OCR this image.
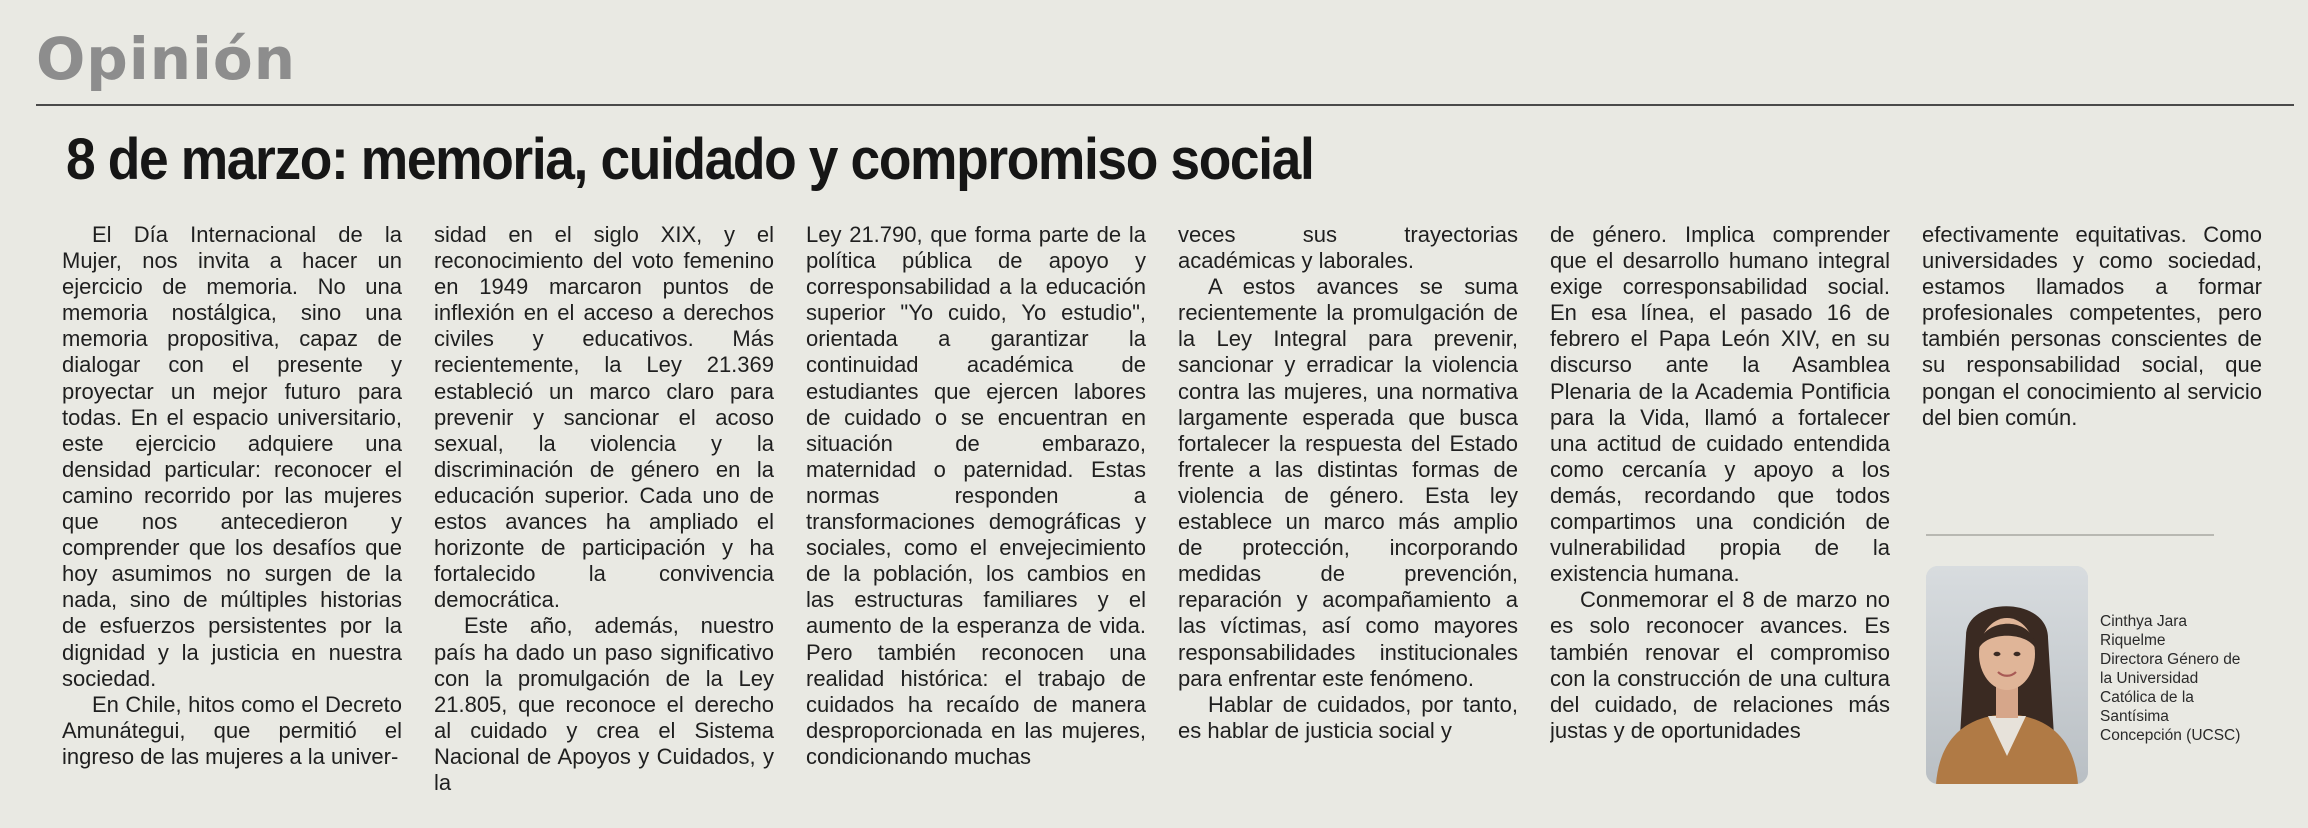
Opinión
8 de marzo: memoria, cuidado y compromiso social

El Día Internacional de la Mujer, nos invita a hacer un ejercicio de memoria. No una memoria nostálgica, sino una memoria propositiva, capaz de dialogar con el presente y proyectar un mejor futuro para todas. En el espacio universitario, este ejercicio adquiere una densidad particular: reconocer el camino recorrido por las mujeres que nos antecedieron y comprender que los desafíos que hoy asumimos no surgen de la nada, sino de múltiples historias de esfuerzos persistentes por la dignidad y la justicia en nuestra sociedad.

En Chile, hitos como el Decreto Amunátegui, que permitió el ingreso de las mujeres a la univer-

sidad en el siglo XIX, y el reconocimiento del voto femenino en 1949 marcaron puntos de inflexión en el acceso a derechos civiles y educativos. Más recientemente, la Ley 21.369 estableció un marco claro para prevenir y sancionar el acoso sexual, la violencia y la discriminación de género en la educación superior. Cada uno de estos avances ha ampliado el horizonte de participación y ha fortalecido la convivencia democrática.

Este año, además, nuestro país ha dado un paso significativo con la promulgación de la Ley 21.805, que reconoce el derecho al cuidado y crea el Sistema Nacional de Apoyos y Cuidados, y la

Ley 21.790, que forma parte de la política pública de apoyo y corresponsabilidad a la educación superior "Yo cuido, Yo estudio", orientada a garantizar la continuidad académica de estudiantes que ejercen labores de cuidado o se encuentran en situación de embarazo, maternidad o paternidad. Estas normas responden a transformaciones demográficas y sociales, como el envejecimiento de la población, los cambios en las estructuras familiares y el aumento de la esperanza de vida. Pero también reconocen una realidad histórica: el trabajo de cuidados ha recaído de manera desproporcionada en las mujeres, condicionando muchas

veces sus trayectorias académicas y laborales.

A estos avances se suma recientemente la promulgación de la Ley Integral para prevenir, sancionar y erradicar la violencia contra las mujeres, una normativa largamente esperada que busca fortalecer la respuesta del Estado frente a las distintas formas de violencia de género. Esta ley establece un marco más amplio de protección, incorporando medidas de prevención, reparación y acompañamiento a las víctimas, así como mayores responsabilidades institucionales para enfrentar este fenómeno.

Hablar de cuidados, por tanto, es hablar de justicia social y

de género. Implica comprender que el desarrollo humano integral exige corresponsabilidad social. En esa línea, el pasado 16 de febrero el Papa León XIV, en su discurso ante la Asamblea Plenaria de la Academia Pontificia para la Vida, llamó a fortalecer una actitud de cuidado entendida como cercanía y apoyo a los demás, recordando que todos compartimos una condición de vulnerabilidad propia de la existencia humana.

Conmemorar el 8 de marzo no es solo reconocer avances. Es también renovar el compromiso con la construcción de una cultura del cuidado, de relaciones más justas y de oportunidades

efectivamente equitativas. Como universidades y como sociedad, estamos llamados a formar profesionales competentes, pero también personas conscientes de su responsabilidad social, que pongan el conocimiento al servicio del bien común.

Cinthya Jara
Riquelme
Directora Género de
la Universidad
Católica de la
Santísima
Concepción (UCSC)
